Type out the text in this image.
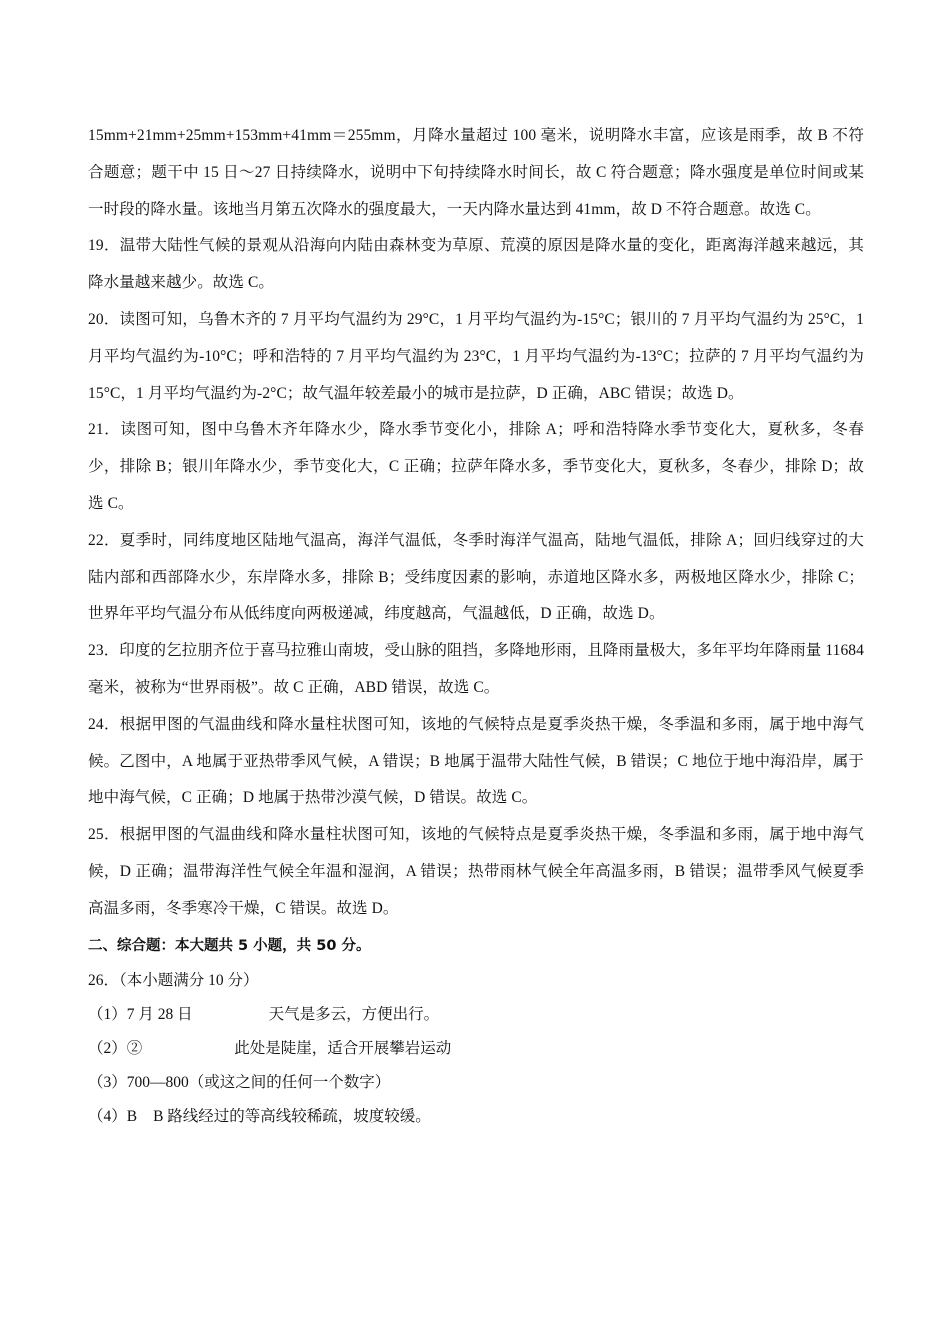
15mm+21mm+25mm+153mm+41mm＝255mm，月降水量超过 100 毫米，说明降水丰富，应该是雨季，故 B 不符合题意；题干中 15 日～27 日持续降水，说明中下旬持续降水时间长，故 C 符合题意；降水强度是单位时间或某一时段的降水量。该地当月第五次降水的强度最大，一天内降水量达到 41mm，故 D 不符合题意。故选 C。

19．温带大陆性气候的景观从沿海向内陆由森林变为草原、荒漠的原因是降水量的变化，距离海洋越来越远，其降水量越来越少。故选 C。

20．读图可知，乌鲁木齐的 7 月平均气温约为 29°C，1 月平均气温约为-15°C；银川的 7 月平均气温约为 25°C，1 月平均气温约为-10°C；呼和浩特的 7 月平均气温约为 23°C，1 月平均气温约为-13°C；拉萨的 7 月平均气温约为 15°C，1 月平均气温约为-2°C；故气温年较差最小的城市是拉萨，D 正确，ABC 错误；故选 D。

21．读图可知，图中乌鲁木齐年降水少，降水季节变化小，排除 A；呼和浩特降水季节变化大，夏秋多，冬春少，排除 B；银川年降水少，季节变化大，C 正确；拉萨年降水多，季节变化大，夏秋多，冬春少，排除 D；故选 C。

22．夏季时，同纬度地区陆地气温高，海洋气温低，冬季时海洋气温高，陆地气温低，排除 A；回归线穿过的大陆内部和西部降水少，东岸降水多，排除 B；受纬度因素的影响，赤道地区降水多，两极地区降水少，排除 C；世界年平均气温分布从低纬度向两极递减，纬度越高，气温越低，D 正确，故选 D。

23．印度的乞拉朋齐位于喜马拉雅山南坡，受山脉的阻挡，多降地形雨，且降雨量极大，多年平均年降雨量 11684 毫米，被称为“世界雨极”。故 C 正确，ABD 错误，故选 C。

24．根据甲图的气温曲线和降水量柱状图可知，该地的气候特点是夏季炎热干燥，冬季温和多雨，属于地中海气候。乙图中，A 地属于亚热带季风气候，A 错误；B 地属于温带大陆性气候，B 错误；C 地位于地中海沿岸，属于地中海气候，C 正确；D 地属于热带沙漠气候，D 错误。故选 C。

25．根据甲图的气温曲线和降水量柱状图可知，该地的气候特点是夏季炎热干燥，冬季温和多雨，属于地中海气候，D 正确；温带海洋性气候全年温和湿润，A 错误；热带雨林气候全年高温多雨，B 错误；温带季风气候夏季高温多雨，冬季寒冷干燥，C 错误。故选 D。

二、综合题：本大题共 5 小题，共 50 分。

26．（本小题满分 10 分）

（1）7 月 28 日	天气是多云，方便出行。

（2）②	此处是陡崖，适合开展攀岩运动

（3）700—800（或这之间的任何一个数字）

（4）B B 路线经过的等高线较稀疏，坡度较缓。
